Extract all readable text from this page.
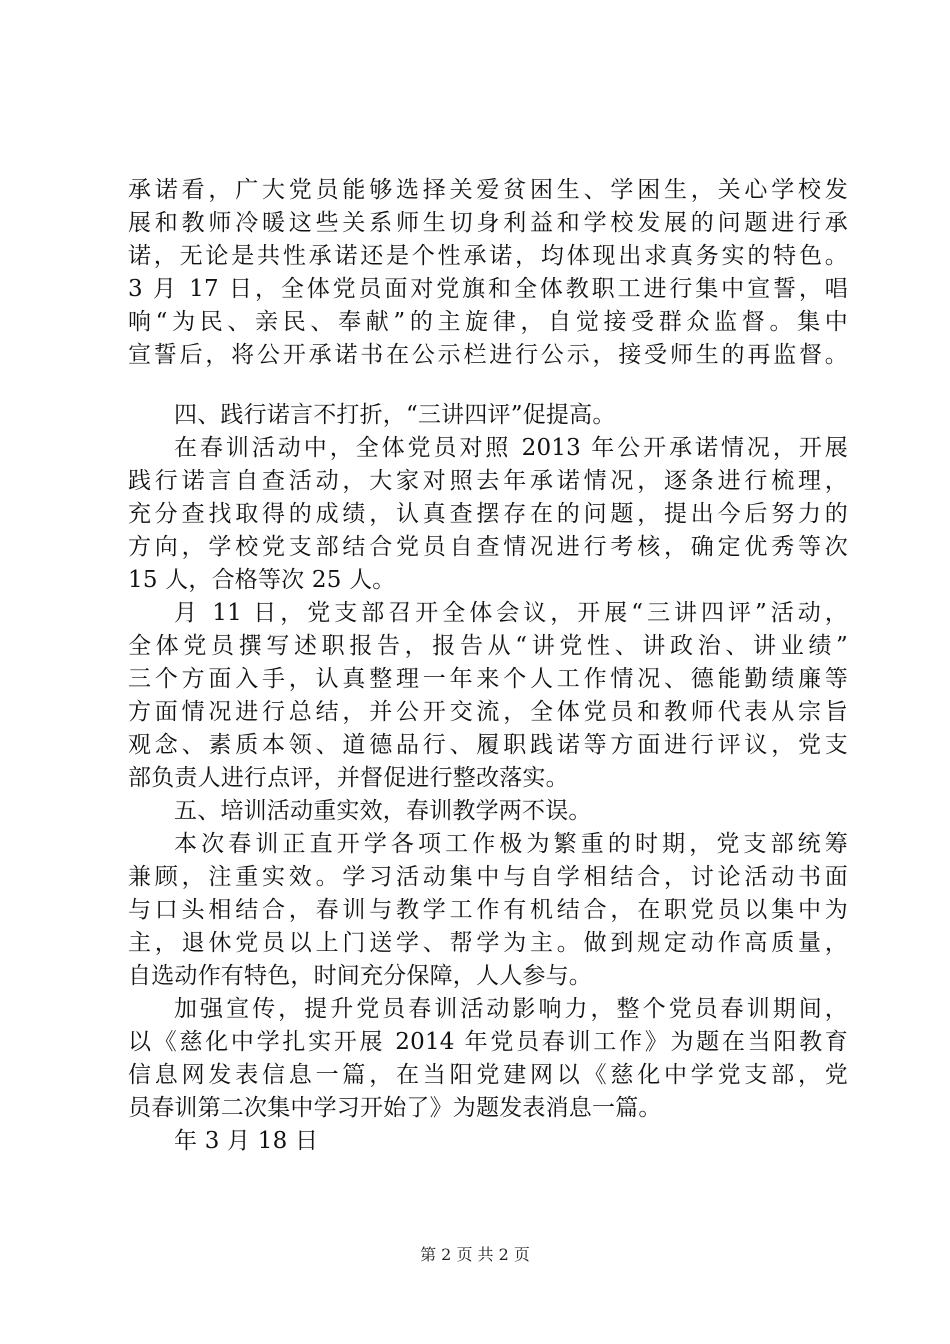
承诺看，广大党员能够选择关爱贫困生、学困生，关心学校发
展和教师冷暖这些关系师生切身利益和学校发展的问题进行承
诺，无论是共性承诺还是个性承诺，均体现出求真务实的特色。
3 月 17 日，全体党员面对党旗和全体教职工进行集中宣誓，唱
响“为民、亲民、奉献”的主旋律，自觉接受群众监督。集中
宣誓后，将公开承诺书在公示栏进行公示，接受师生的再监督。
四、践行诺言不打折，“三讲四评”促提高。
在春训活动中，全体党员对照 2013 年公开承诺情况，开展
践行诺言自查活动，大家对照去年承诺情况，逐条进行梳理，
充分查找取得的成绩，认真查摆存在的问题，提出今后努力的
方向，学校党支部结合党员自查情况进行考核，确定优秀等次
15 人，合格等次 25 人。
月 11 日，党支部召开全体会议，开展“三讲四评”活动，
全体党员撰写述职报告，报告从“讲党性、讲政治、讲业绩”
三个方面入手，认真整理一年来个人工作情况、德能勤绩廉等
方面情况进行总结，并公开交流，全体党员和教师代表从宗旨
观念、素质本领、道德品行、履职践诺等方面进行评议，党支
部负责人进行点评，并督促进行整改落实。
五、培训活动重实效，春训教学两不误。
本次春训正直开学各项工作极为繁重的时期，党支部统筹
兼顾，注重实效。学习活动集中与自学相结合，讨论活动书面
与口头相结合，春训与教学工作有机结合，在职党员以集中为
主，退休党员以上门送学、帮学为主。做到规定动作高质量，
自选动作有特色，时间充分保障，人人参与。
加强宣传，提升党员春训活动影响力，整个党员春训期间，
以《慈化中学扎实开展 2014 年党员春训工作》为题在当阳教育
信息网发表信息一篇，在当阳党建网以《慈化中学党支部，党
员春训第二次集中学习开始了》为题发表消息一篇。
年 3 月 18 日
第 2 页 共 2 页
